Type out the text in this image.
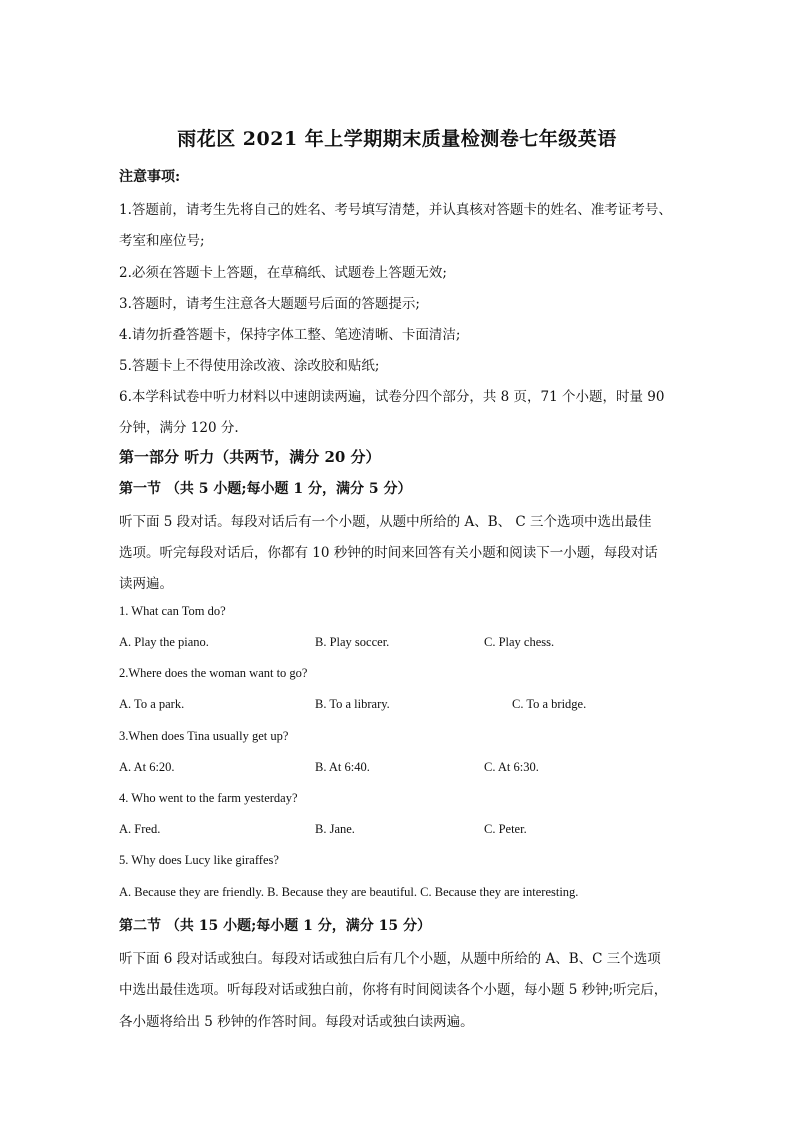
雨花区 2021 年上学期期末质量检测卷七年级英语
注意事项:
1.答题前，请考生先将自己的姓名、考号填写清楚，并认真核对答题卡的姓名、准考证考号、
考室和座位号;
2.必须在答题卡上答题，在草稿纸、试题卷上答题无效;
3.答题时，请考生注意各大题题号后面的答题提示;
4.请勿折叠答题卡，保持字体工整、笔迹清晰、卡面清洁;
5.答题卡上不得使用涂改液、涂改胶和贴纸;
6.本学科试卷中听力材料以中速朗读两遍，试卷分四个部分，共 8 页，71 个小题，时量 90
分钟，满分 120 分.
第一部分 听力（共两节，满分 20 分）
第一节 （共 5 小题;每小题 1 分，满分 5 分）
听下面 5 段对话。每段对话后有一个小题，从题中所给的 A、B、 C 三个选项中选出最佳
选项。听完每段对话后，你都有 10 秒钟的时间来回答有关小题和阅读下一小题，每段对话
读两遍。
1. What can Tom do?
A. Play the piano.	B. Play soccer.	C. Play chess.
2.Where does the woman want to go?
A. To a park.	B. To a library.	C. To a bridge.
3.When does Tina usually get up?
A. At 6:20.	B. At 6:40.	C. At 6:30.
4. Who went to the farm yesterday?
A. Fred.	B. Jane.	C. Peter.
5. Why does Lucy like giraffes?
A. Because they are friendly. B. Because they are beautiful. C. Because they are interesting.
第二节 （共 15 小题;每小题 1 分，满分 15 分）
听下面 6 段对话或独白。每段对话或独白后有几个小题，从题中所给的 A、B、C 三个选项
中选出最佳选项。听每段对话或独白前，你将有时间阅读各个小题，每小题 5 秒钟;听完后，
各小题将给出 5 秒钟的作答时间。每段对话或独白读两遍。
